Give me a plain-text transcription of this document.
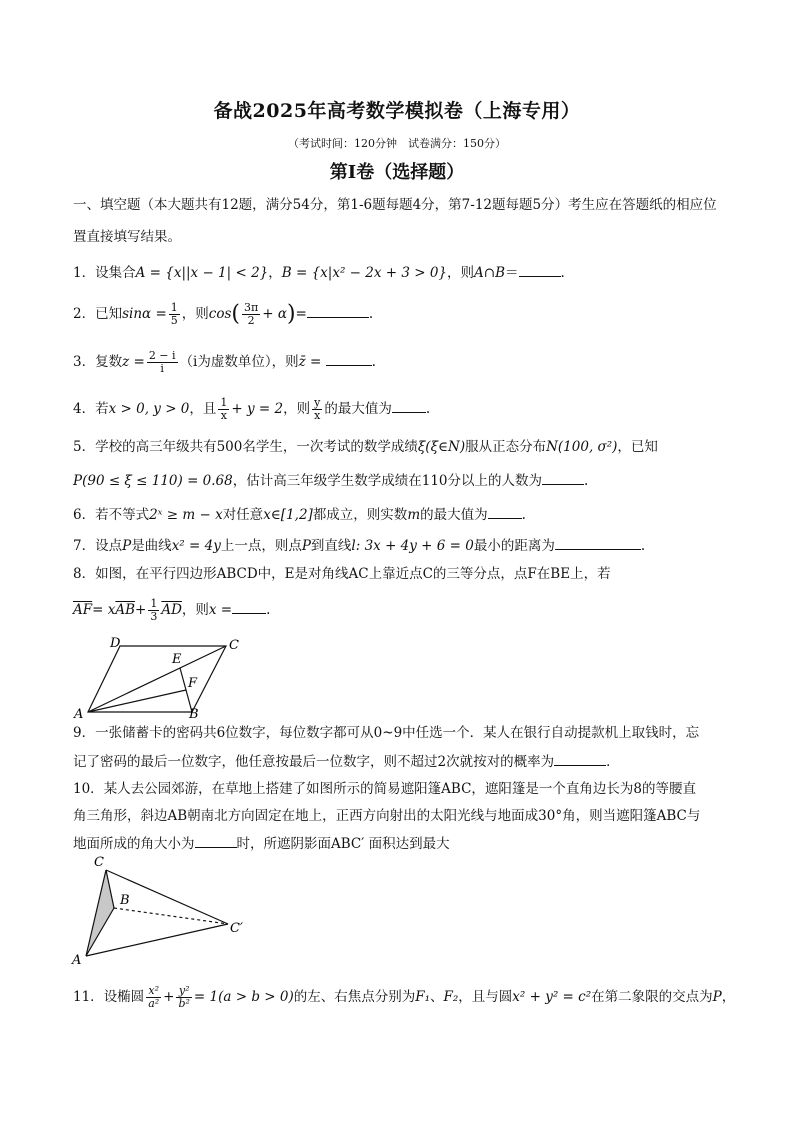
备战2025年高考数学模拟卷（上海专用）
（考试时间：120分钟　试卷满分：150分）
第I卷（选择题）
一、填空题（本大题共有12题，满分54分，第1-6题每题4分，第7-12题每题5分）考生应在答题纸的相应位置直接填写结果。
1．设集合A = {x||x − 1| < 2}，B = {x|x² − 2x + 3 > 0}，则A∩B＝	.
2．已知$\sin\alpha = \frac{1}{5}$ ，则$\cos( \frac{3\pi}{2} + \alpha)=$	.
3．复数$z = \frac{2 - i}{i} (i$为虚数单位），则z̄ =	.
4．若x > 0, y > 0，且 $\frac{1}{x} + y = 2$，则 $\frac{y}{x}$ 的最大值为	.
5．学校的高三年级共有500名学生，一次考试的数学成绩ξ(ξ∈N)服从正态分布N(100, σ²)，已知
P(90 ≤ ξ ≤ 110) = 0.68，估计高三年级学生数学成绩在110分以上的人数为	.
6．若不等式2ˣ ≥ m − x对任意x∈[1,2]都成立，则实数m的最大值为	.
7．设点P是曲线x² = 4y上一点，则点P到直线l: 3x + 4y + 6 = 0最小的距离为	.
8．如图，在平行四边形ABCD中，E是对角线AC上靠近点C的三等分点，点F在BE上，若
$\overline{AF}= x\overline{AB}+ \frac{1}{3} \overline{AD}$，则x =	.
D	C
E
F
A	B
9．一张储蓄卡的密码共6位数字，每位数字都可从0~9中任选一个．某人在银行自动提款机上取钱时，忘
记了密码的最后一位数字，他任意按最后一位数字，则不超过2次就按对的概率为	．
10．某人去公园郊游，在草地上搭建了如图所示的简易遮阳篷ABC，遮阳篷是一个直角边长为8的等腰直
角三角形，斜边AB朝南北方向固定在地上，正西方向射出的太阳光线与地面成30°角，则当遮阳篷ABC与
地面所成的角大小为	时，所遮阴影面ABC′ 面积达到最大
C
B
C′
A
11．设椭圆 $\frac{\text{x²}}{\text{a²}} + \frac{\text{y²}}{\text{b²}} = 1(a > b > 0)$的左、右焦点分别为F₁、F₂，且与圆x² + y² = c²在第二象限的交点为P，
